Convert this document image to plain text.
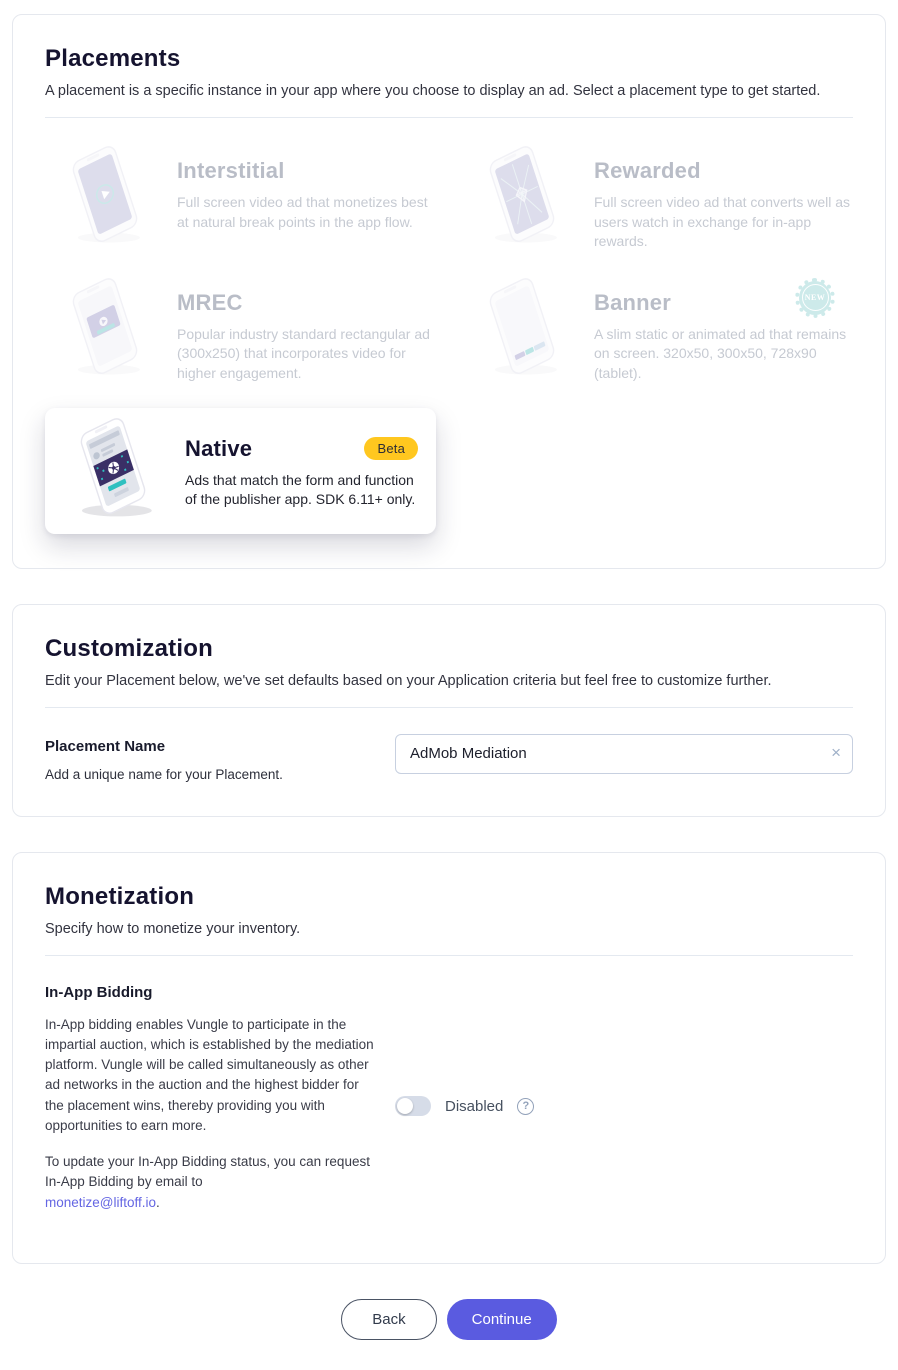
Placements

A placement is a specific instance in your app where you choose to display an ad. Select a placement type to get started.

Interstitial
Full screen video ad that monetizes best at natural break points in the app flow.
Rewarded
Full screen video ad that converts well as users watch in exchange for in-app rewards.
MREC
Popular industry standard rectangular ad (300x250) that incorporates video for higher engagement.
Banner
A slim static or animated ad that remains on screen. 320x50, 300x50, 728x90 (tablet).
NEW
Native	Beta
Ads that match the form and function of the publisher app. SDK 6.11+ only.
Customization

Edit your Placement below, we've set defaults based on your Application criteria but feel free to customize further.

Placement Name
Add a unique name for your Placement.
AdMob Mediation
×
Monetization

Specify how to monetize your inventory.

In-App Bidding

In-App bidding enables Vungle to participate in the impartial auction, which is established by the mediation platform. Vungle will be called simultaneously as other ad networks in the auction and the highest bidder for the placement wins, thereby providing you with opportunities to earn more.

To update your In-App Bidding status, you can request In-App Bidding by email to
monetize@liftoff.io.

Disabled	?
Back	Continue
